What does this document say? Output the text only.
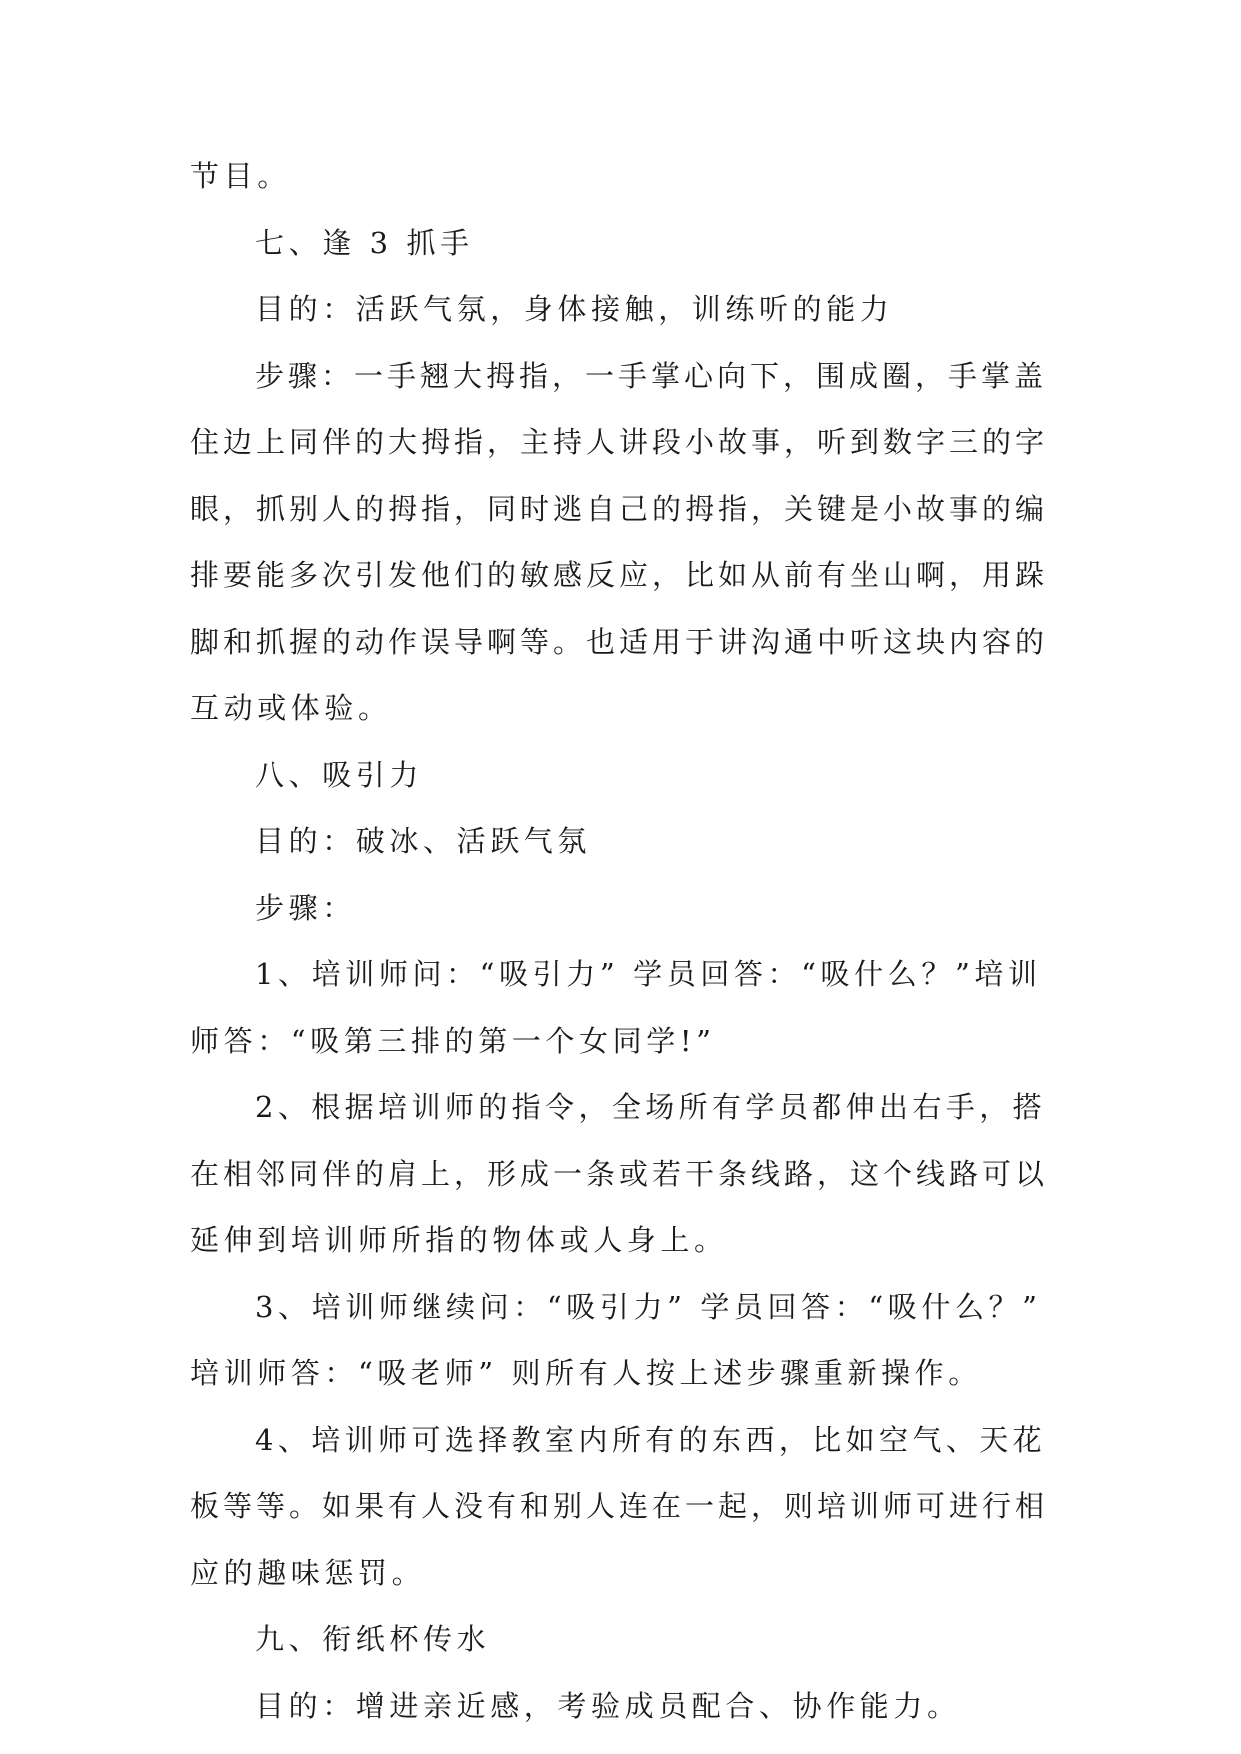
节目。
七、逢 3 抓手
目的：活跃气氛，身体接触，训练听的能力
步骤：一手翘大拇指，一手掌心向下，围成圈，手掌盖
住边上同伴的大拇指，主持人讲段小故事，听到数字三的字
眼，抓别人的拇指，同时逃自己的拇指，关键是小故事的编
排要能多次引发他们的敏感反应，比如从前有坐山啊，用跺
脚和抓握的动作误导啊等。也适用于讲沟通中听这块内容的
互动或体验。
八、吸引力
目的：破冰、活跃气氛
步骤：
1、培训师问：“吸引力” 学员回答：“吸什么？”培训
师答：“吸第三排的第一个女同学!”
2、根据培训师的指令，全场所有学员都伸出右手，搭
在相邻同伴的肩上，形成一条或若干条线路，这个线路可以
延伸到培训师所指的物体或人身上。
3、培训师继续问：“吸引力” 学员回答：“吸什么？”
培训师答：“吸老师” 则所有人按上述步骤重新操作。
4、培训师可选择教室内所有的东西，比如空气、天花
板等等。如果有人没有和别人连在一起，则培训师可进行相
应的趣味惩罚。
九、衔纸杯传水
目的：增进亲近感，考验成员配合、协作能力。
